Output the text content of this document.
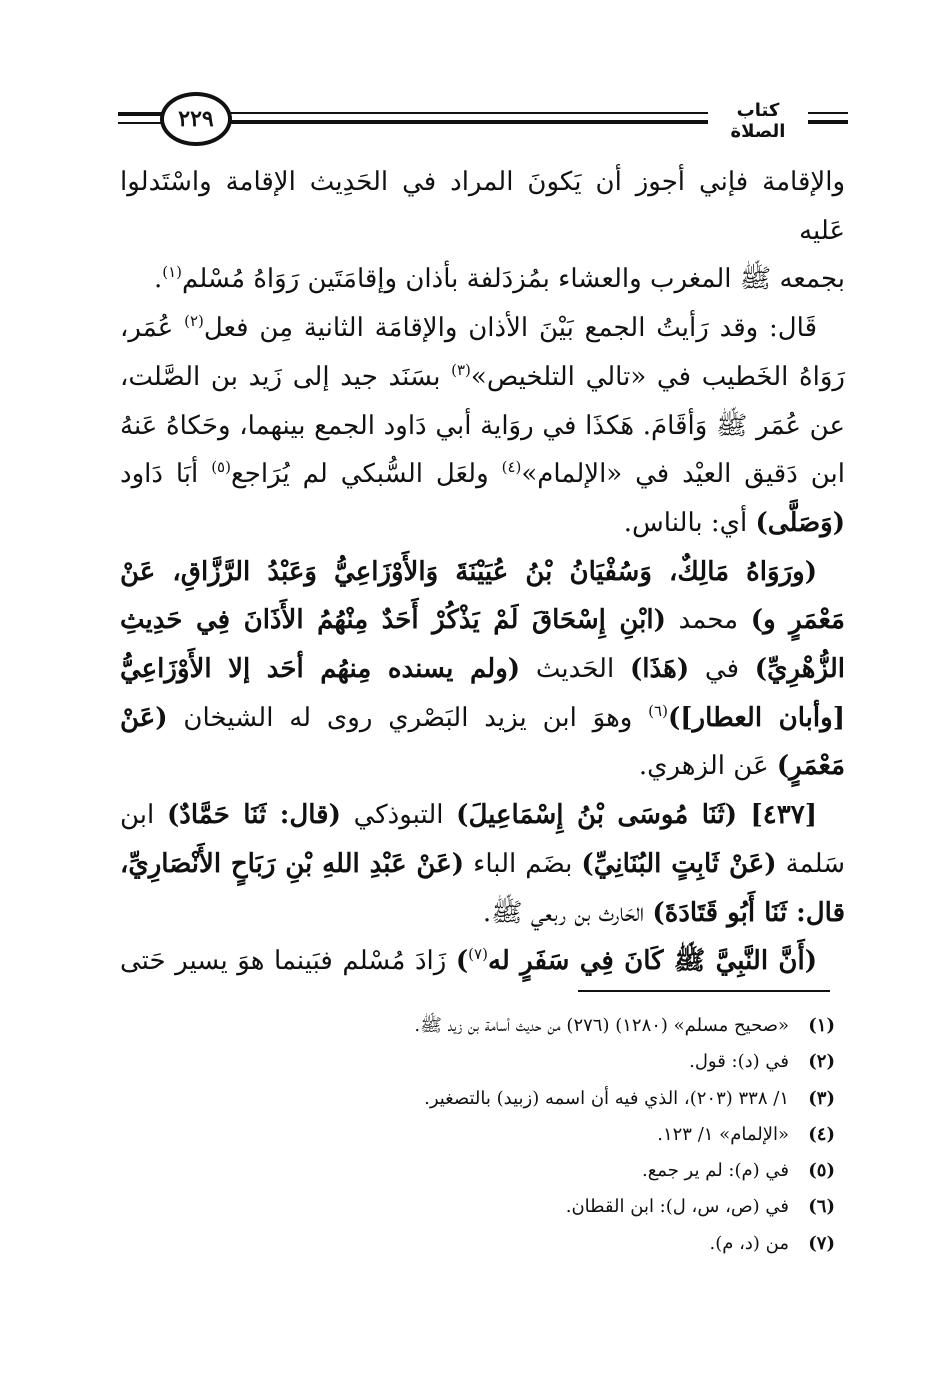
٢٢٩	كتاب الصلاة

والإقامة فإني أجوز أن يَكونَ المراد في الحَدِيث الإقامة واسْتَدلوا عَليه

بجمعه ﷺ المغرب والعشاء بمُزدَلفة بأذان وإقامَتَين رَوَاهُ مُسْلم$^{(١)}$.

قَال: وقد رَأيتُ الجمع بَيْنَ الأذان والإقامَة الثانية مِن فعل$^{(٢)}$ عُمَر، رَوَاهُ الخَطيب في «تالي التلخيص»$^{(٣)}$ بسَنَد جيد إلى زَيد بن الصَّلت، عن عُمَر ﷺ وَأقَامَ. هَكذَا في روَاية أبي دَاود الجمع بينهما، وحَكاهُ عَنهُ ابن دَقيق العيْد في «الإلمام»$^{(٤)}$ ولعَل السُّبكي لم يُرَاجع$^{(٥)}$ أبَا دَاود (وَصَلَّى) أي: بالناس.

(ورَوَاهُ مَالِكٌ، وَسُفْيَانُ بْنُ عُيَيْنَةَ وَالأَوْزَاعِيُّ وَعَبْدُ الرَّزَّاقِ، عَنْ مَعْمَرٍ و) محمد (ابْنِ إِسْحَاقَ لَمْ يَذْكُرْ أَحَدٌ مِنْهُمُ الأَذَانَ فِي حَدِيثِ الزُّهْرِيِّ) في (هَذَا) الحَديث (ولم يسنده مِنهُم أحَد إلا الأَوْزَاعِيُّ [وأبان العطار])$^{(٦)}$ وهوَ ابن يزيد البَصْري روى له الشيخان (عَنْ مَعْمَرٍ) عَن الزهري.

[٤٣٧] (ثَنَا مُوسَى بْنُ إِسْمَاعِيلَ) التبوذكي (قال: ثَنَا حَمَّادٌ) ابن سَلمة (عَنْ ثَابِتٍ البُنَانِيِّ) بضَم الباء (عَنْ عَبْدِ اللهِ بْنِ رَبَاحٍ الأَنْصَارِيِّ، قال: ثَنَا أَبُو قَتَادَةَ) الحَارث بن ربعي ﷺ.

(أَنَّ النَّبِيَّ ﷺ كَانَ فِي سَفَرٍ له$^{(٧)}$) زَادَ مُسْلم فبَينما هوَ يسير حَتى

(١)
«صحيح مسلم» (١٢٨٠) (٢٧٦) من حديث أسامة بن زيد ﷺ.
(٢)
في (د): قول.
(٣)
١/ ٣٣٨ (٢٠٣)، الذي فيه أن اسمه (زبيد) بالتصغير.
(٤)
«الإلمام» ١/ ١٢٣.
(٥)
في (م): لم ير جمع.
(٦)
في (ص، س، ل): ابن القطان.
(٧)
من (د، م).
